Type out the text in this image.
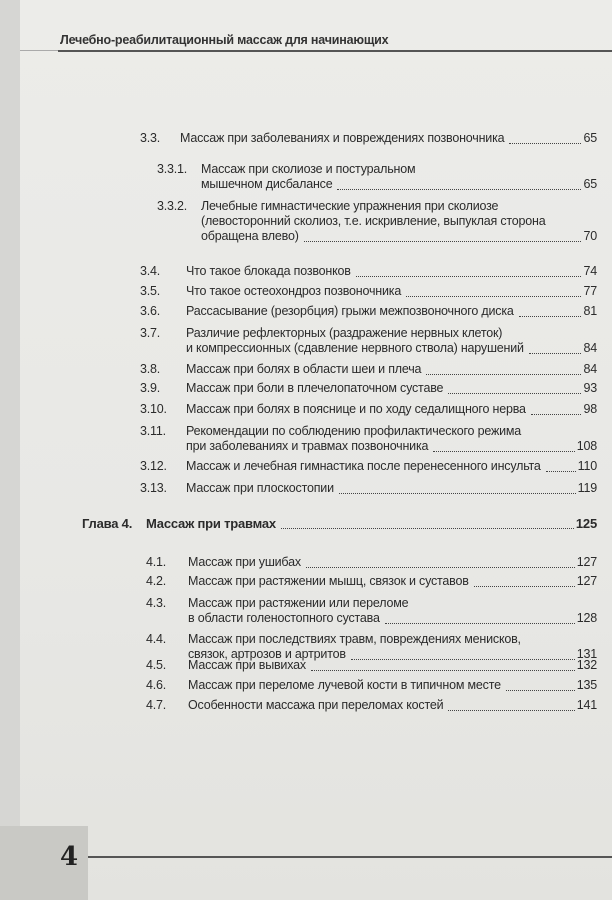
Лечебно-реабилитационный массаж для начинающих
3.3. Массаж при заболеваниях и повреждениях позвоночника	65
3.3.1. Массаж при сколиозе и постуральном
мышечном дисбалансе	65
3.3.2. Лечебные гимнастические упражнения при сколиозе
(левосторонний сколиоз, т.е. искривление, выпуклая сторона
обращена влево)	70
3.4. Что такое блокада позвонков	74
3.5. Что такое остеохондроз позвоночника	77
3.6. Рассасывание (резорбция) грыжи межпозвоночного диска	81
3.7. Различие рефлекторных (раздражение нервных клеток)
и компрессионных (сдавление нервного ствола) нарушений	84
3.8. Массаж при болях в области шеи и плеча	84
3.9. Массаж при боли в плечелопаточном суставе	93
3.10. Массаж при болях в пояснице и по ходу седалищного нерва	98
3.11. Рекомендации по соблюдению профилактического режима
при заболеваниях и травмах позвоночника	108
3.12. Массаж и лечебная гимнастика после перенесенного инсульта	110
3.13. Массаж при плоскостопии	119
Глава 4. Массаж при травмах	125
4.1. Массаж при ушибах	127
4.2. Массаж при растяжении мышц, связок и суставов	127
4.3. Массаж при растяжении или переломе
в области голеностопного сустава	128
4.4. Массаж при последствиях травм, повреждениях менисков,
связок, артрозов и артритов	131
4.5. Массаж при вывихах	132
4.6. Массаж при переломе лучевой кости в типичном месте	135
4.7. Особенности массажа при переломах костей	141
4
